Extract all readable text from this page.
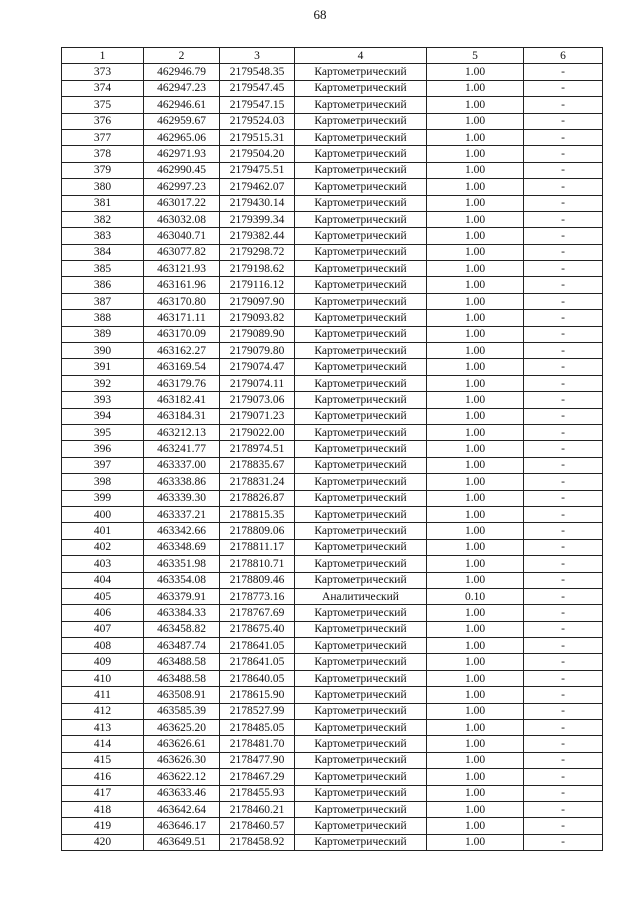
68
1	2	3	4	5	6
373	462946.79	2179548.35	Картометрический	1.00	-
374	462947.23	2179547.45	Картометрический	1.00	-
375	462946.61	2179547.15	Картометрический	1.00	-
376	462959.67	2179524.03	Картометрический	1.00	-
377	462965.06	2179515.31	Картометрический	1.00	-
378	462971.93	2179504.20	Картометрический	1.00	-
379	462990.45	2179475.51	Картометрический	1.00	-
380	462997.23	2179462.07	Картометрический	1.00	-
381	463017.22	2179430.14	Картометрический	1.00	-
382	463032.08	2179399.34	Картометрический	1.00	-
383	463040.71	2179382.44	Картометрический	1.00	-
384	463077.82	2179298.72	Картометрический	1.00	-
385	463121.93	2179198.62	Картометрический	1.00	-
386	463161.96	2179116.12	Картометрический	1.00	-
387	463170.80	2179097.90	Картометрический	1.00	-
388	463171.11	2179093.82	Картометрический	1.00	-
389	463170.09	2179089.90	Картометрический	1.00	-
390	463162.27	2179079.80	Картометрический	1.00	-
391	463169.54	2179074.47	Картометрический	1.00	-
392	463179.76	2179074.11	Картометрический	1.00	-
393	463182.41	2179073.06	Картометрический	1.00	-
394	463184.31	2179071.23	Картометрический	1.00	-
395	463212.13	2179022.00	Картометрический	1.00	-
396	463241.77	2178974.51	Картометрический	1.00	-
397	463337.00	2178835.67	Картометрический	1.00	-
398	463338.86	2178831.24	Картометрический	1.00	-
399	463339.30	2178826.87	Картометрический	1.00	-
400	463337.21	2178815.35	Картометрический	1.00	-
401	463342.66	2178809.06	Картометрический	1.00	-
402	463348.69	2178811.17	Картометрический	1.00	-
403	463351.98	2178810.71	Картометрический	1.00	-
404	463354.08	2178809.46	Картометрический	1.00	-
405	463379.91	2178773.16	Аналитический	0.10	-
406	463384.33	2178767.69	Картометрический	1.00	-
407	463458.82	2178675.40	Картометрический	1.00	-
408	463487.74	2178641.05	Картометрический	1.00	-
409	463488.58	2178641.05	Картометрический	1.00	-
410	463488.58	2178640.05	Картометрический	1.00	-
411	463508.91	2178615.90	Картометрический	1.00	-
412	463585.39	2178527.99	Картометрический	1.00	-
413	463625.20	2178485.05	Картометрический	1.00	-
414	463626.61	2178481.70	Картометрический	1.00	-
415	463626.30	2178477.90	Картометрический	1.00	-
416	463622.12	2178467.29	Картометрический	1.00	-
417	463633.46	2178455.93	Картометрический	1.00	-
418	463642.64	2178460.21	Картометрический	1.00	-
419	463646.17	2178460.57	Картометрический	1.00	-
420	463649.51	2178458.92	Картометрический	1.00	-
